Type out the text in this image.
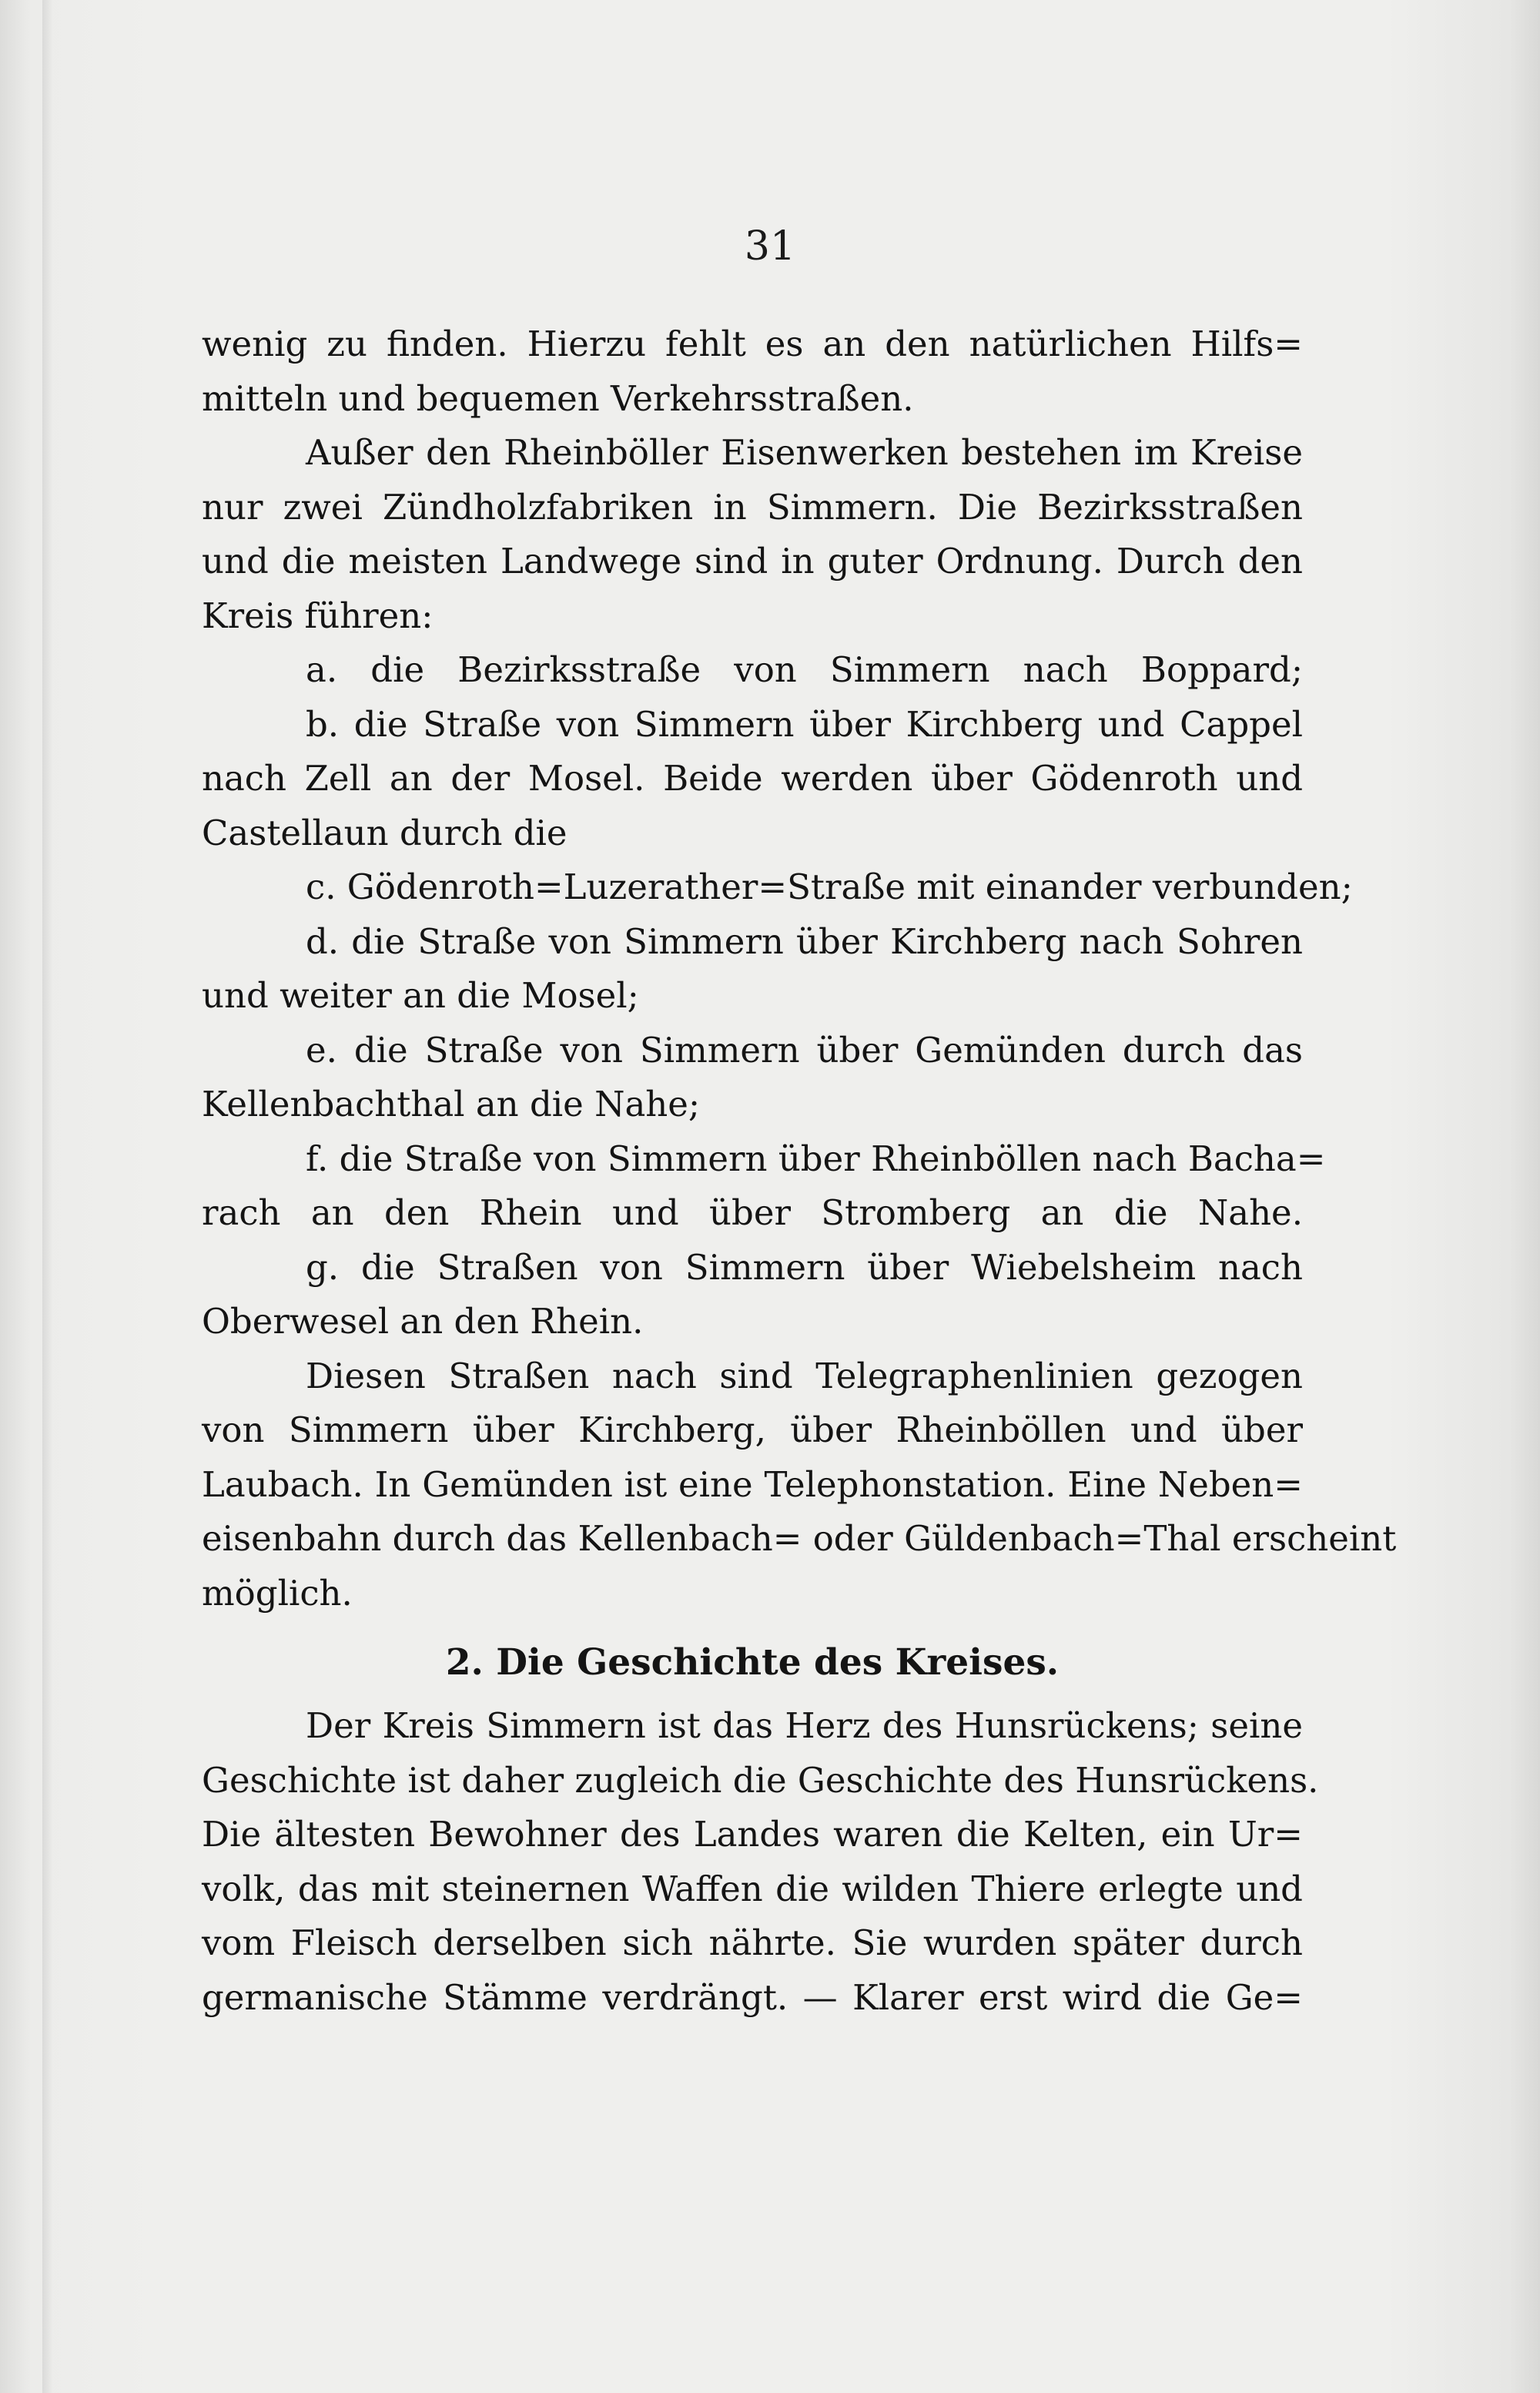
31
wenig zu finden. Hierzu fehlt es an den natürlichen Hilfs=
mitteln und bequemen Verkehrsstraßen.
Außer den Rheinböller Eisenwerken bestehen im Kreise
nur zwei Zündholzfabriken in Simmern. Die Bezirksstraßen
und die meisten Landwege sind in guter Ordnung. Durch den
Kreis führen:
a. die Bezirksstraße von Simmern nach Boppard;
b. die Straße von Simmern über Kirchberg und Cappel
nach Zell an der Mosel. Beide werden über Gödenroth und
Castellaun durch die
c. Gödenroth=Luzerather=Straße mit einander verbunden;
d. die Straße von Simmern über Kirchberg nach Sohren
und weiter an die Mosel;
e. die Straße von Simmern über Gemünden durch das
Kellenbachthal an die Nahe;
f. die Straße von Simmern über Rheinböllen nach Bacha=
rach an den Rhein und über Stromberg an die Nahe.
g. die Straßen von Simmern über Wiebelsheim nach
Oberwesel an den Rhein.
Diesen Straßen nach sind Telegraphenlinien gezogen
von Simmern über Kirchberg, über Rheinböllen und über
Laubach. In Gemünden ist eine Telephonstation. Eine Neben=
eisenbahn durch das Kellenbach= oder Güldenbach=Thal erscheint
möglich.
2. Die Geschichte des Kreises.
Der Kreis Simmern ist das Herz des Hunsrückens; seine
Geschichte ist daher zugleich die Geschichte des Hunsrückens.
Die ältesten Bewohner des Landes waren die Kelten, ein Ur=
volk, das mit steinernen Waffen die wilden Thiere erlegte und
vom Fleisch derselben sich nährte. Sie wurden später durch
germanische Stämme verdrängt. — Klarer erst wird die Ge=
